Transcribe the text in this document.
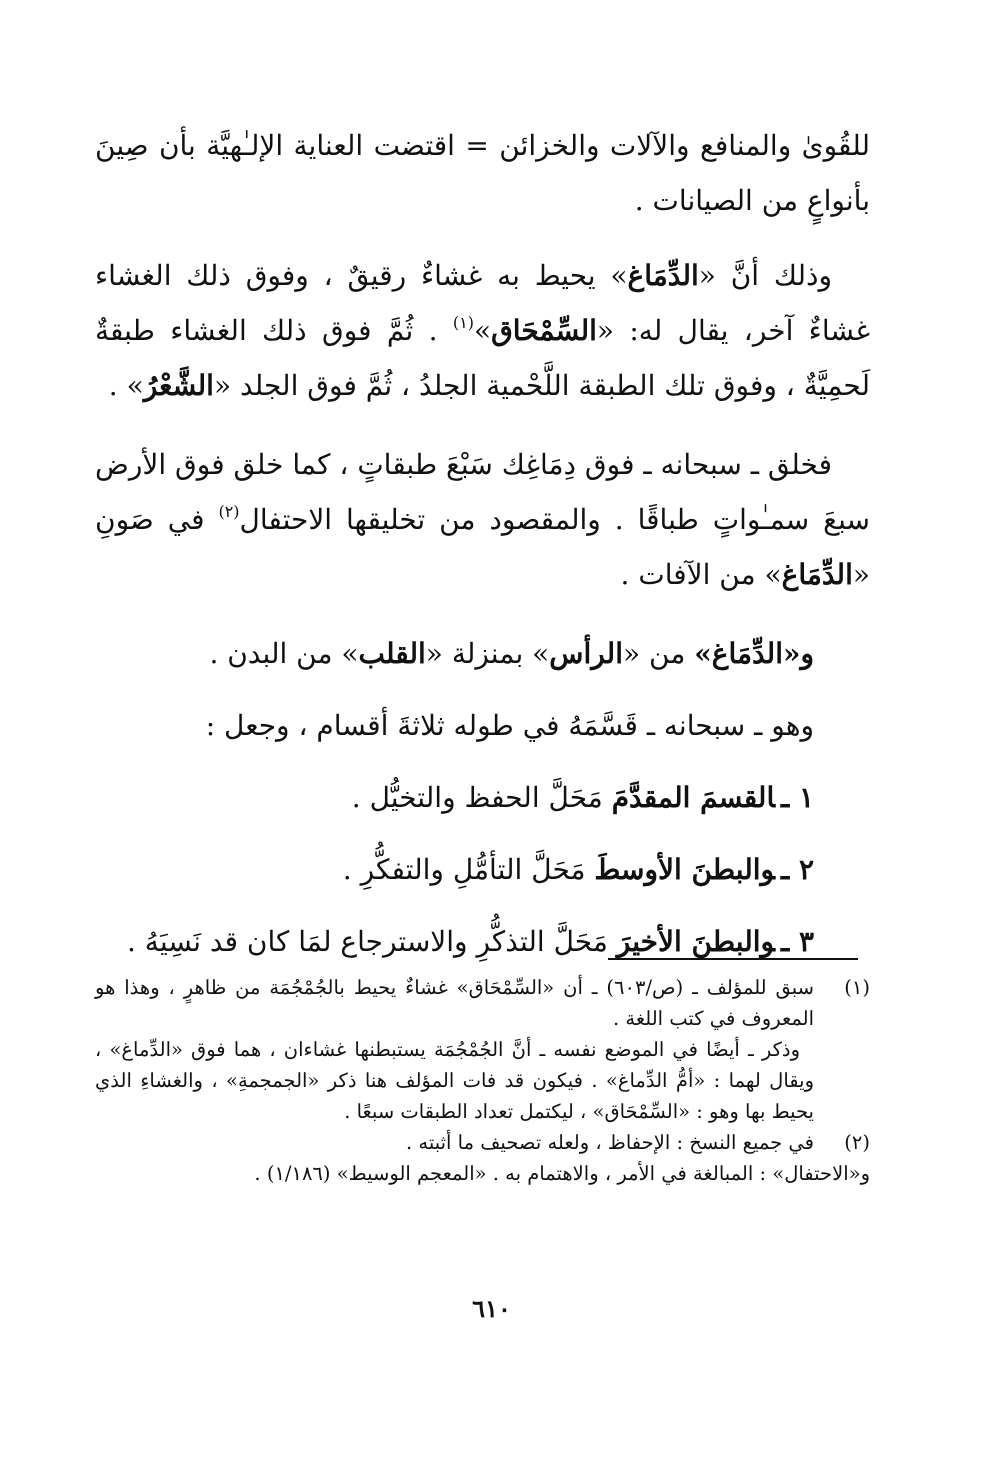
للقُوىٰ والمنافع والآلات والخزائن = اقتضت العناية الإلـٰهيَّة بأن صِينَ بأنواعٍ من الصيانات .

وذلك أنَّ «الدِّمَاغ» يحيط به غشاءٌ رقيقٌ ، وفوق ذلك الغشاء غشاءٌ آخر، يقال له: «السِّمْحَاق»$^{(١)}$ . ثُمَّ فوق ذلك الغشاء طبقةٌ لَحمِيَّةٌ ، وفوق تلك الطبقة اللَّحْمية الجلدُ ، ثُمَّ فوق الجلد «الشَّعْرُ» .

فخلق ـ سبحانه ـ فوق دِمَاغِك سَبْعَ طبقاتٍ ، كما خلق فوق الأرض سبعَ سمـٰواتٍ طباقًا . والمقصود من تخليقها الاحتفال$^{(٢)}$ في صَونِ «الدِّمَاغ» من الآفات .

و«الدِّمَاغ» من «الرأس» بمنزلة «القلب» من البدن .

وهو ـ سبحانه ـ قَسَّمَهُ في طوله ثلاثةَ أقسام ، وجعل :

١ ـالقسمَ المقدَّمَ مَحَلَّ الحفظ والتخيُّل .

٢ ـوالبطنَ الأوسطَ مَحَلَّ التأمُّلِ والتفكُّرِ .

٣ ـوالبطنَ الأخيرَ مَحَلَّ التذكُّرِ والاسترجاع لمَا كان قد نَسِيَهُ .

(١)

سبق للمؤلف ـ (ص/٦٠٣) ـ أن «السِّمْحَاق» غشاءٌ يحيط بالجُمْجُمَة من ظاهرٍ ، وهذا هو المعروف في كتب اللغة .

وذكر ـ أيضًا في الموضع نفسه ـ أنَّ الجُمْجُمَة يستبطنها غشاءان ، هما فوق «الدِّماغ» ، ويقال لهما : «أمُّ الدِّماغ» . فيكون قد فات المؤلف هنا ذكر «الجمجمةِ» ، والغشاءِ الذي يحيط بها وهو : «السِّمْحَاق» ، ليكتمل تعداد الطبقات سبعًا .

(٢)

في جميع النسخ : الإحفاظ ، ولعله تصحيف ما أثبته .

و«الاحتفال» : المبالغة في الأمر ، والاهتمام به . «المعجم الوسيط» (١/١٨٦) .

٦١٠
